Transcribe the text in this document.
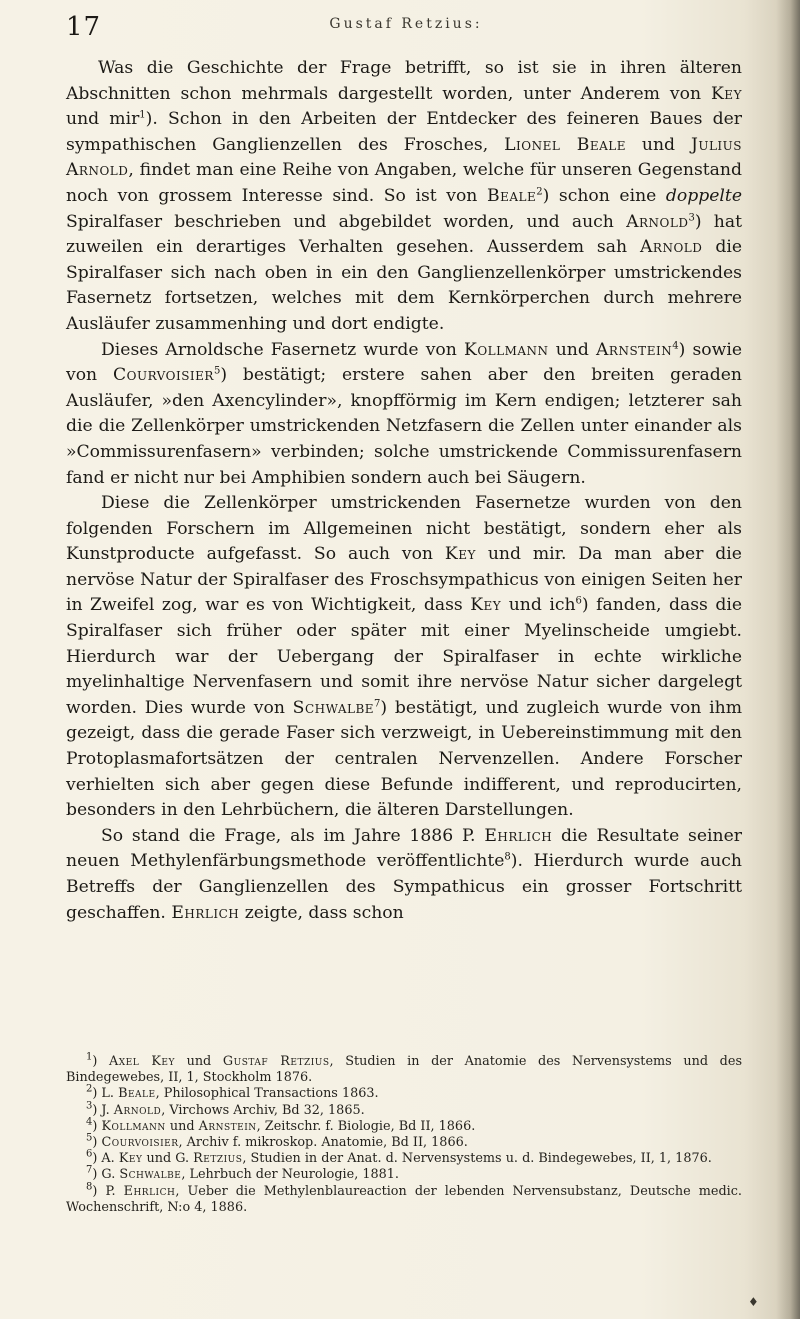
17	Gustaf Retzius:

Was die Geschichte der Frage betrifft, so ist sie in ihren älteren Abschnitten schon mehrmals dargestellt worden, unter Anderem von Key und mir$^1$). Schon in den Arbeiten der Entdecker des feineren Baues der sympathischen Ganglienzellen des Frosches, Lionel Beale und Julius Arnold, findet man eine Reihe von Angaben, welche für unseren Gegenstand noch von grossem Interesse sind. So ist von Beale$^2$) schon eine doppelte Spiralfaser beschrieben und abgebildet worden, und auch Arnold$^3$) hat zuweilen ein derartiges Verhalten gesehen. Ausserdem sah Arnold die Spiralfaser sich nach oben in ein den Ganglienzellenkörper umstrickendes Fasernetz fortsetzen, welches mit dem Kernkörperchen durch mehrere Ausläufer zusammenhing und dort endigte.

Dieses Arnoldsche Fasernetz wurde von Kollmann und Arnstein$^4$) sowie von Courvoisier$^5$) bestätigt; erstere sahen aber den breiten geraden Ausläufer, »den Axencylinder», knopfförmig im Kern endigen; letzterer sah die die Zellenkörper umstrickenden Netzfasern die Zellen unter einander als »Commissurenfasern» verbinden; solche umstrickende Commissurenfasern fand er nicht nur bei Amphibien sondern auch bei Säugern.

Diese die Zellenkörper umstrickenden Fasernetze wurden von den folgenden Forschern im Allgemeinen nicht bestätigt, sondern eher als Kunstproducte aufgefasst. So auch von Key und mir. Da man aber die nervöse Natur der Spiralfaser des Froschsympathicus von einigen Seiten her in Zweifel zog, war es von Wichtigkeit, dass Key und ich$^6$) fanden, dass die Spiralfaser sich früher oder später mit einer Myelinscheide umgiebt. Hierdurch war der Uebergang der Spiralfaser in echte wirkliche myelinhaltige Nervenfasern und somit ihre nervöse Natur sicher dargelegt worden. Dies wurde von Schwalbe$^7$) bestätigt, und zugleich wurde von ihm gezeigt, dass die gerade Faser sich verzweigt, in Uebereinstimmung mit den Protoplasmafortsätzen der centralen Nervenzellen. Andere Forscher verhielten sich aber gegen diese Befunde indifferent, und reproducirten, besonders in den Lehrbüchern, die älteren Darstellungen.

So stand die Frage, als im Jahre 1886 P. Ehrlich die Resultate seiner neuen Methylenfärbungsmethode veröffentlichte$^8$). Hierdurch wurde auch Betreffs der Ganglienzellen des Sympathicus ein grosser Fortschritt geschaffen. Ehrlich zeigte, dass schon

$^1$) Axel Key und Gustaf Retzius, Studien in der Anatomie des Nervensystems und des Bindegewebes, II, 1, Stockholm 1876.

$^2$) L. Beale, Philosophical Transactions 1863.

$^3$) J. Arnold, Virchows Archiv, Bd 32, 1865.

$^4$) Kollmann und Arnstein, Zeitschr. f. Biologie, Bd II, 1866.

$^5$) Courvoisier, Archiv f. mikroskop. Anatomie, Bd II, 1866.

$^6$) A. Key und G. Retzius, Studien in der Anat. d. Nervensystems u. d. Bindegewebes, II, 1, 1876.

$^7$) G. Schwalbe, Lehrbuch der Neurologie, 1881.

$^8$) P. Ehrlich, Ueber die Methylenblaureaction der lebenden Nervensubstanz, Deutsche medic. Wochenschrift, N:o 4, 1886.

♦
